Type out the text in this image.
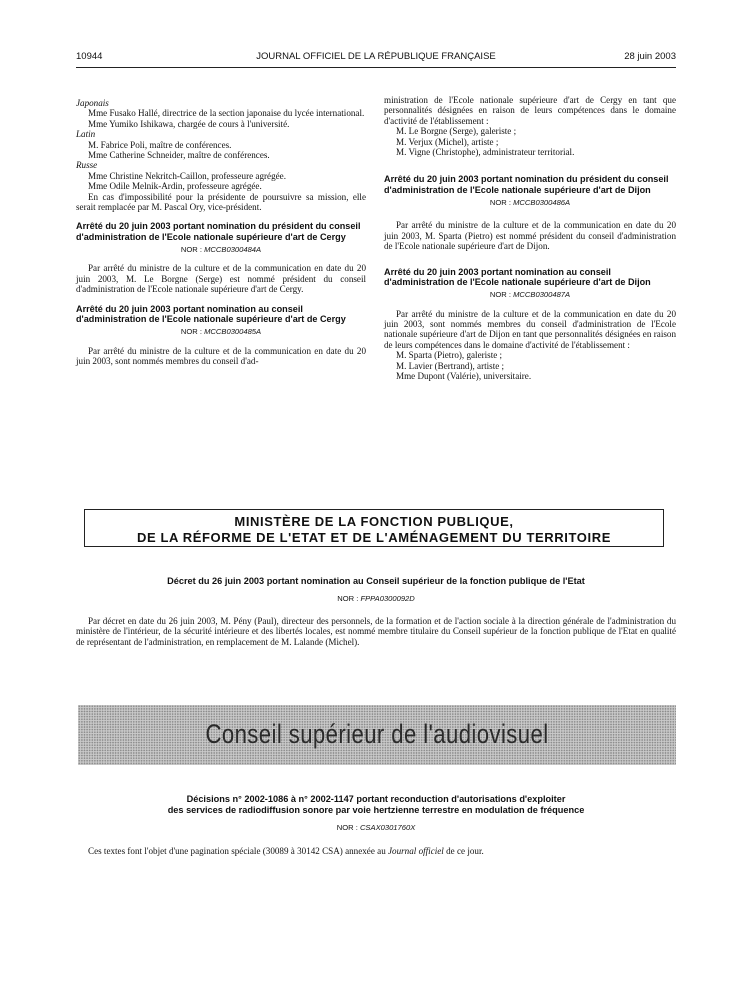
10944	JOURNAL OFFICIEL DE LA RÉPUBLIQUE FRANÇAISE	28 juin 2003

Japonais

Mme Fusako Hallé, directrice de la section japonaise du lycée international.

Mme Yumiko Ishikawa, chargée de cours à l'université.

Latin

M. Fabrice Poli, maître de conférences.

Mme Catherine Schneider, maître de conférences.

Russe

Mme Christine Nekritch-Caillon, professeure agrégée.

Mme Odile Melnik-Ardin, professeure agrégée.

En cas d'impossibilité pour la présidente de poursuivre sa mission, elle serait remplacée par M. Pascal Ory, vice-président.

Arrêté du 20 juin 2003 portant nomination du président du conseil d'administration de l'Ecole nationale supérieure d'art de Cergy
NOR : MCCB0300484A

Par arrêté du ministre de la culture et de la communication en date du 20 juin 2003, M. Le Borgne (Serge) est nommé président du conseil d'administration de l'Ecole nationale supérieure d'art de Cergy.

Arrêté du 20 juin 2003 portant nomination au conseil d'administration de l'Ecole nationale supérieure d'art de Cergy
NOR : MCCB0300485A

Par arrêté du ministre de la culture et de la communication en date du 20 juin 2003, sont nommés membres du conseil d'ad-

ministration de l'Ecole nationale supérieure d'art de Cergy en tant que personnalités désignées en raison de leurs compétences dans le domaine d'activité de l'établissement :

M. Le Borgne (Serge), galeriste ;

M. Verjux (Michel), artiste ;

M. Vigne (Christophe), administrateur territorial.

Arrêté du 20 juin 2003 portant nomination du président du conseil d'administration de l'Ecole nationale supérieure d'art de Dijon
NOR : MCCB0300486A

Par arrêté du ministre de la culture et de la communication en date du 20 juin 2003, M. Sparta (Pietro) est nommé président du conseil d'administration de l'Ecole nationale supérieure d'art de Dijon.

Arrêté du 20 juin 2003 portant nomination au conseil d'administration de l'Ecole nationale supérieure d'art de Dijon
NOR : MCCB0300487A

Par arrêté du ministre de la culture et de la communication en date du 20 juin 2003, sont nommés membres du conseil d'administration de l'Ecole nationale supérieure d'art de Dijon en tant que personnalités désignées en raison de leurs compétences dans le domaine d'activité de l'établissement :

M. Sparta (Pietro), galeriste ;

M. Lavier (Bertrand), artiste ;

Mme Dupont (Valérie), universitaire.

MINISTÈRE DE LA FONCTION PUBLIQUE,
DE LA RÉFORME DE L'ETAT ET DE L'AMÉNAGEMENT DU TERRITOIRE
Décret du 26 juin 2003 portant nomination au Conseil supérieur de la fonction publique de l'Etat
NOR : FPPA0300092D

Par décret en date du 26 juin 2003, M. Pény (Paul), directeur des personnels, de la formation et de l'action sociale à la direction générale de l'administration du ministère de l'intérieur, de la sécurité intérieure et des libertés locales, est nommé membre titulaire du Conseil supérieur de la fonction publique de l'Etat en qualité de représentant de l'administration, en remplacement de M. Lalande (Michel).

Conseil supérieur de l'audiovisuel
Décisions n° 2002-1086 à n° 2002-1147 portant reconduction d'autorisations d'exploiter
des services de radiodiffusion sonore par voie hertzienne terrestre en modulation de fréquence
NOR : CSAX0301760X

Ces textes font l'objet d'une pagination spéciale (30089 à 30142 CSA) annexée au Journal officiel de ce jour.
